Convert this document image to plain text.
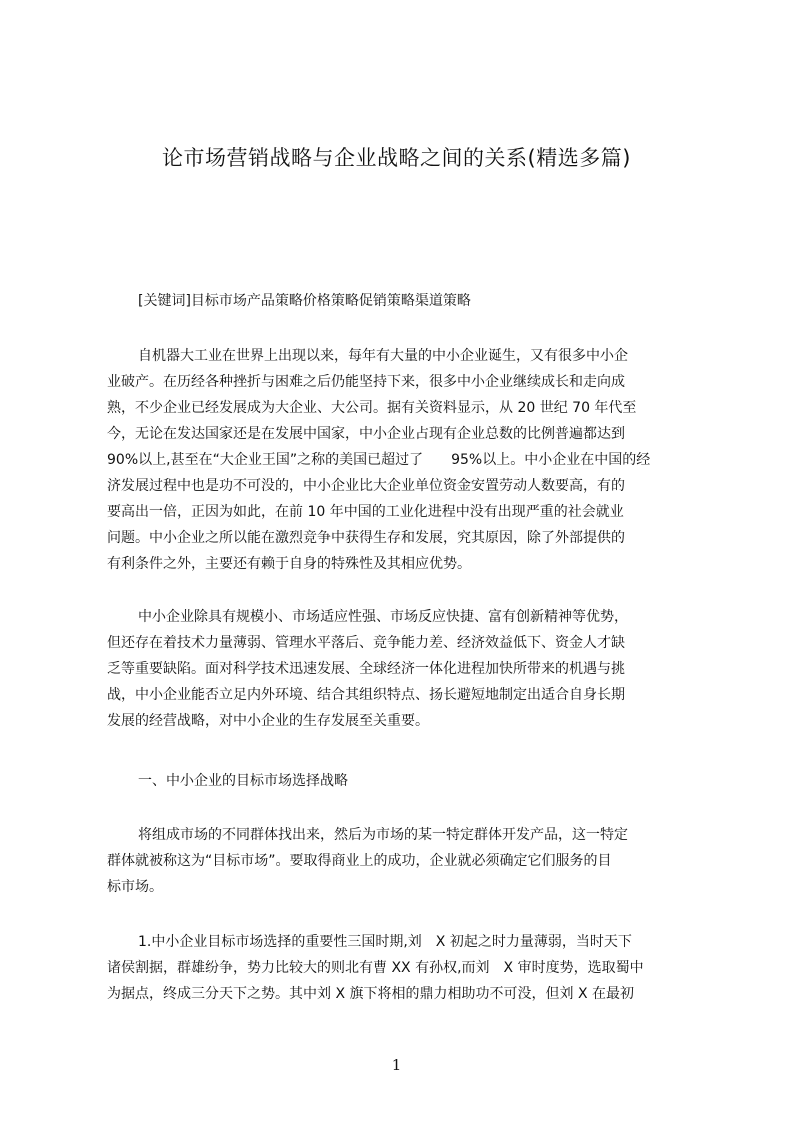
论市场营销战略与企业战略之间的关系(精选多篇)
[关键词]目标市场产品策略价格策略促销策略渠道策略
自机器大工业在世界上出现以来，每年有大量的中小企业诞生，又有很多中小企
业破产。在历经各种挫折与困难之后仍能坚持下来，很多中小企业继续成长和走向成
熟，不少企业已经发展成为大企业、大公司。据有关资料显示，从 20 世纪 70 年代至
今，无论在发达国家还是在发展中国家，中小企业占现有企业总数的比例普遍都达到
90%以上,甚至在“大企业王国”之称的美国已超过了　　95%以上。中小企业在中国的经
济发展过程中也是功不可没的，中小企业比大企业单位资金安置劳动人数要高，有的
要高出一倍，正因为如此，在前 10 年中国的工业化进程中没有出现严重的社会就业
问题。中小企业之所以能在激烈竞争中获得生存和发展，究其原因，除了外部提供的
有利条件之外，主要还有赖于自身的特殊性及其相应优势。
中小企业除具有规模小、市场适应性强、市场反应快捷、富有创新精神等优势，
但还存在着技术力量薄弱、管理水平落后、竞争能力差、经济效益低下、资金人才缺
乏等重要缺陷。面对科学技术迅速发展、全球经济一体化进程加快所带来的机遇与挑
战，中小企业能否立足内外环境、结合其组织特点、扬长避短地制定出适合自身长期
发展的经营战略，对中小企业的生存发展至关重要。
一、中小企业的目标市场选择战略
将组成市场的不同群体找出来，然后为市场的某一特定群体开发产品，这一特定
群体就被称这为“目标市场”。要取得商业上的成功，企业就必须确定它们服务的目
标市场。
1.中小企业目标市场选择的重要性三国时期,刘　X 初起之时力量薄弱，当时天下
诸侯割据，群雄纷争，势力比较大的则北有曹 XX 有孙权,而刘　X 审时度势，选取蜀中
为据点，终成三分天下之势。其中刘 X 旗下将相的鼎力相助功不可没，但刘 X 在最初
1
